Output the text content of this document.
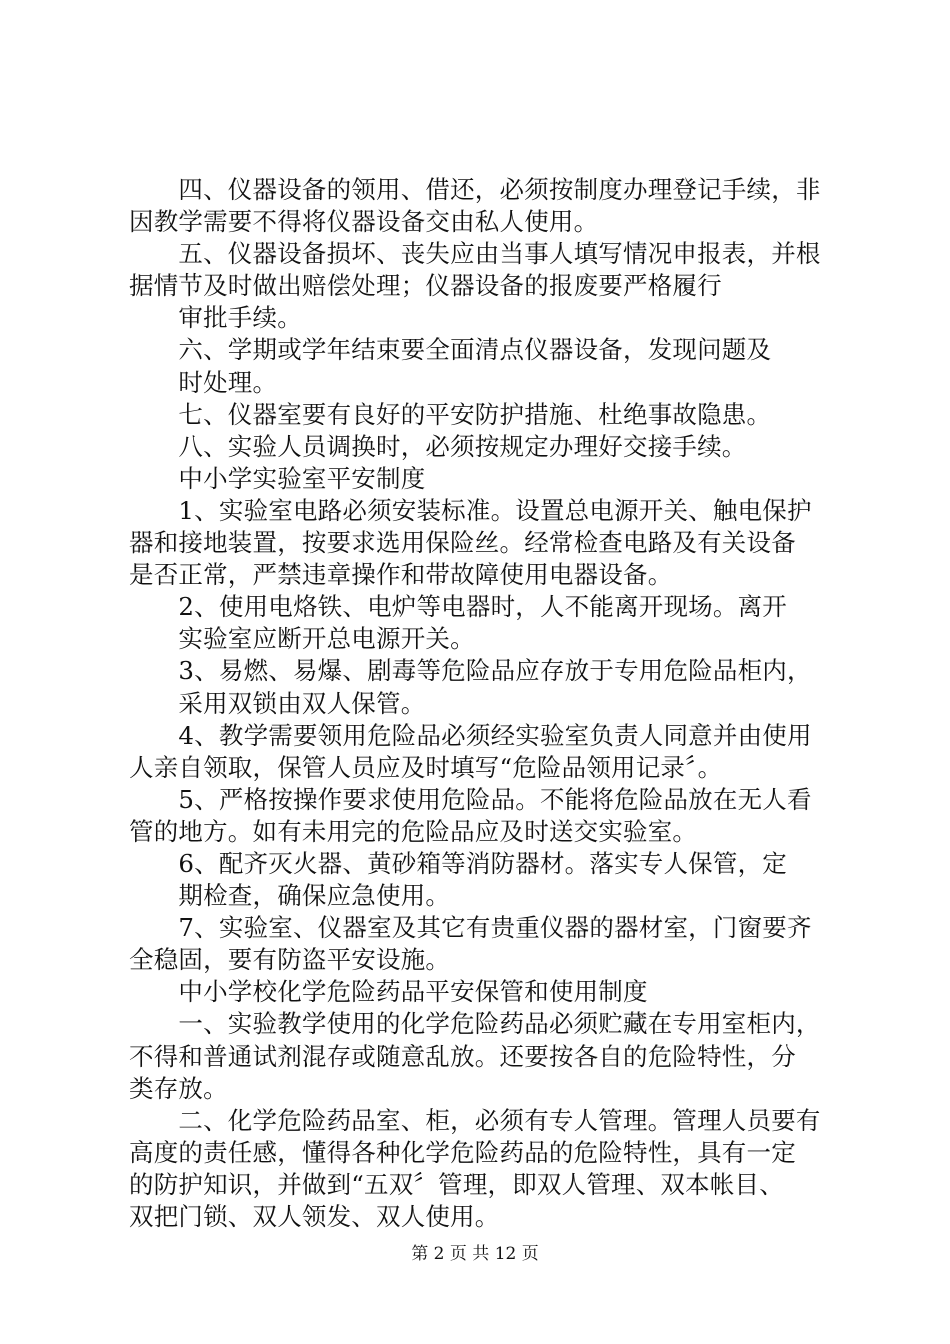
　　四、仪器设备的领用、借还，必须按制度办理登记手续，非
因教学需要不得将仪器设备交由私人使用。
　　五、仪器设备损坏、丧失应由当事人填写情况申报表，并根
据情节及时做出赔偿处理；仪器设备的报废要严格履行
　　审批手续。
　　六、学期或学年结束要全面清点仪器设备，发现问题及
　　时处理。
　　七、仪器室要有良好的平安防护措施、杜绝事故隐患。
　　八、实验人员调换时，必须按规定办理好交接手续。
　　中小学实验室平安制度
　　1、实验室电路必须安装标准。设置总电源开关、触电保护
器和接地装置，按要求选用保险丝。经常检查电路及有关设备
是否正常，严禁违章操作和带故障使用电器设备。
　　2、使用电烙铁、电炉等电器时，人不能离开现场。离开
　　实验室应断开总电源开关。
　　3、易燃、易爆、剧毒等危险品应存放于专用危险品柜内，
　　采用双锁由双人保管。
　　4、教学需要领用危险品必须经实验室负责人同意并由使用
人亲自领取，保管人员应及时填写“危险品领用记录〞。
　　5、严格按操作要求使用危险品。不能将危险品放在无人看
管的地方。如有未用完的危险品应及时送交实验室。
　　6、配齐灭火器、黄砂箱等消防器材。落实专人保管，定
　　期检查，确保应急使用。
　　7、实验室、仪器室及其它有贵重仪器的器材室，门窗要齐
全稳固，要有防盗平安设施。
　　中小学校化学危险药品平安保管和使用制度
　　一、实验教学使用的化学危险药品必须贮藏在专用室柜内，
不得和普通试剂混存或随意乱放。还要按各自的危险特性，分
类存放。
　　二、化学危险药品室、柜，必须有专人管理。管理人员要有
高度的责任感，懂得各种化学危险药品的危险特性，具有一定
的防护知识，并做到“五双〞管理，即双人管理、双本帐目、
双把门锁、双人领发、双人使用。
第 2 页 共 12 页
